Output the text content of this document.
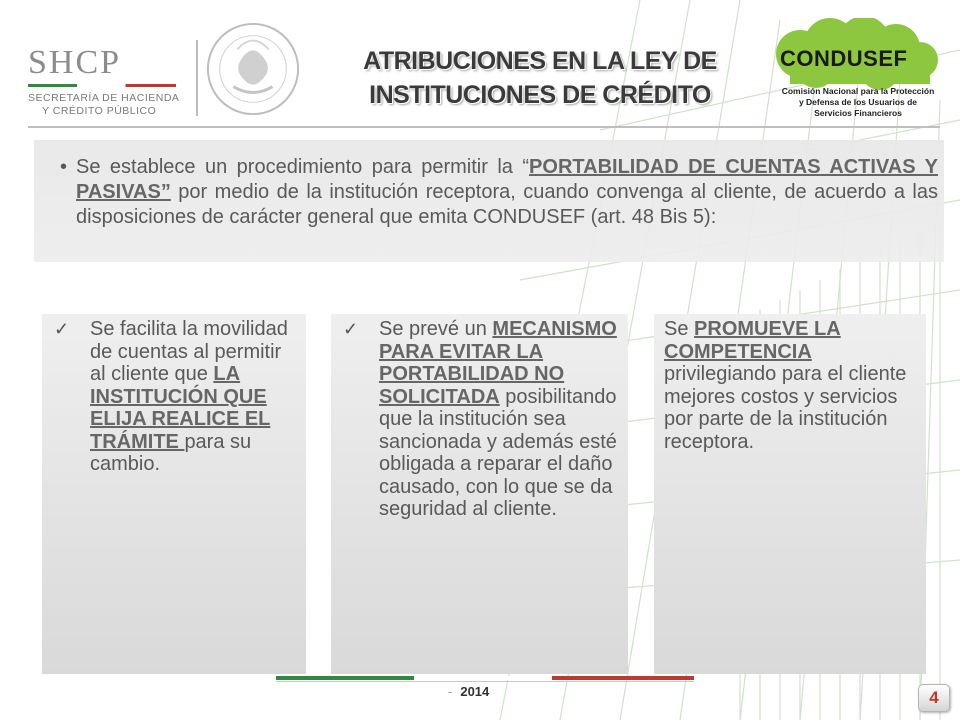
SHCP
SECRETARÍA DE HACIENDA
Y CRÉDITO PÚBLICO
ATRIBUCIONES EN LA LEY DE
INSTITUCIONES DE CRÉDITO
CONDUSEF
Comisión Nacional para la Protección
y Defensa de los Usuarios de
Servicios Financieros
• Se establece un procedimiento para permitir la “PORTABILIDAD DE CUENTAS ACTIVAS Y PASIVAS” por medio de la institución receptora, cuando convenga al cliente, de acuerdo a las disposiciones de carácter general que emita CONDUSEF (art. 48 Bis 5):
✓ Se facilita la movilidad de cuentas al permitir al cliente que LA INSTITUCIÓN QUE ELIJA REALICE EL TRÁMITE para su cambio.
✓ Se prevé un MECANISMO PARA EVITAR LA PORTABILIDAD NO SOLICITADA posibilitando que la institución sea sancionada y además esté obligada a reparar el daño causado, con lo que se da seguridad al cliente.
Se PROMUEVE LA COMPETENCIA privilegiando para el cliente mejores costos y servicios por parte de la institución receptora.
- 2014	4
